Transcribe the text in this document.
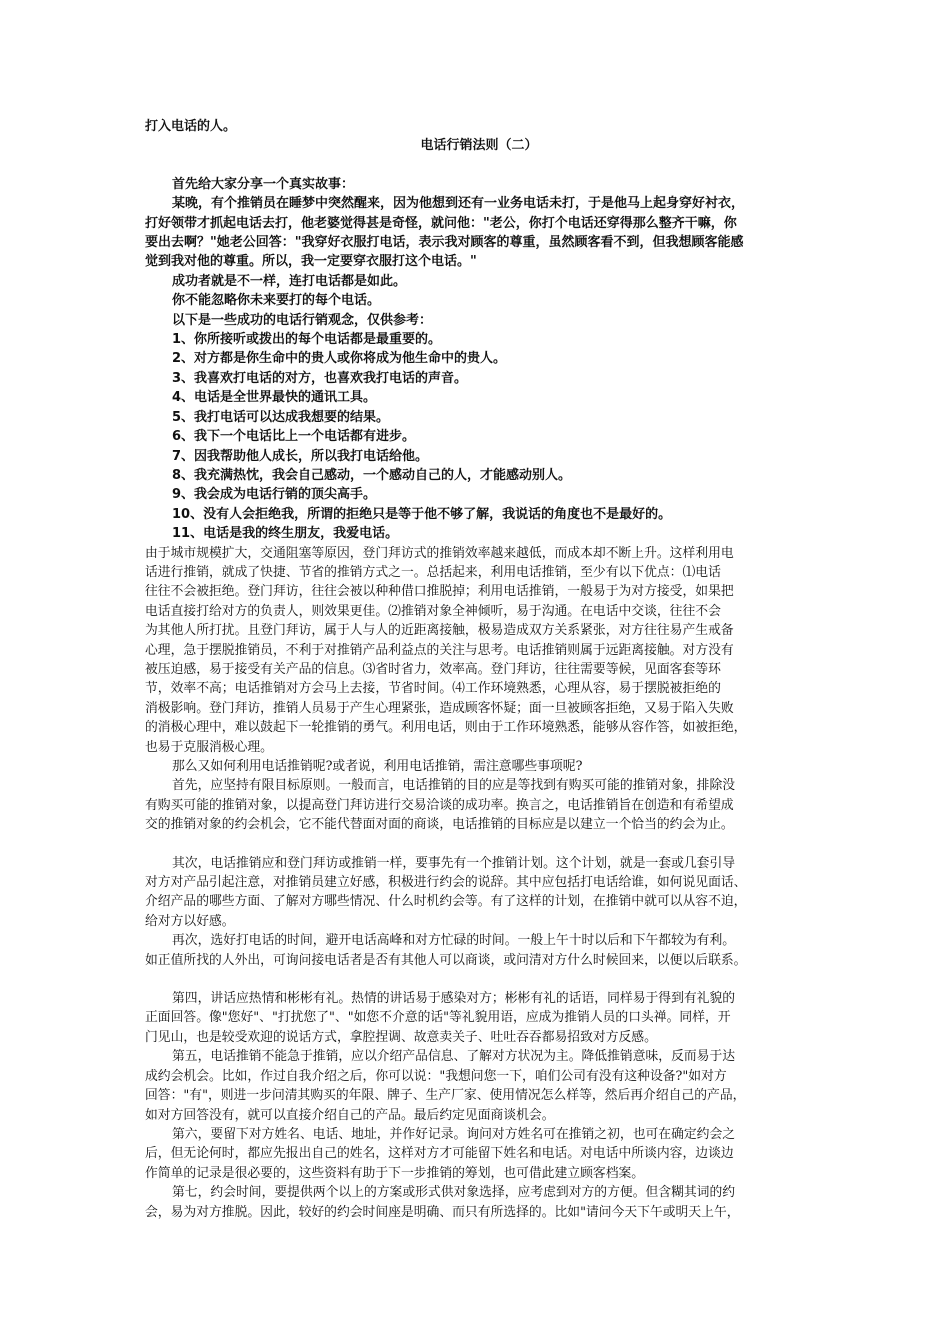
打入电话的人。

电话行销法则（二）

首先给大家分享一个真实故事：

某晚，有个推销员在睡梦中突然醒来，因为他想到还有一业务电话未打，于是他马上起身穿好衬衣，

打好领带才抓起电话去打，他老婆觉得甚是奇怪，就问他："老公，你打个电话还穿得那么整齐干嘛，你

要出去啊？"她老公回答："我穿好衣服打电话，表示我对顾客的尊重，虽然顾客看不到，但我想顾客能感

觉到我对他的尊重。所以，我一定要穿衣服打这个电话。"

成功者就是不一样，连打电话都是如此。

你不能忽略你未来要打的每个电话。

以下是一些成功的电话行销观念，仅供参考：

1、你所接听或拨出的每个电话都是最重要的。

2、对方都是你生命中的贵人或你将成为他生命中的贵人。

3、我喜欢打电话的对方，也喜欢我打电话的声音。

4、电话是全世界最快的通讯工具。

5、我打电话可以达成我想要的结果。

6、我下一个电话比上一个电话都有进步。

7、因我帮助他人成长，所以我打电话给他。

8、我充满热忱，我会自己感动，一个感动自己的人，才能感动别人。

9、我会成为电话行销的顶尖高手。

10、没有人会拒绝我，所谓的拒绝只是等于他不够了解，我说话的角度也不是最好的。

11、电话是我的终生朋友，我爱电话。

由于城市规模扩大，交通阻塞等原因，登门拜访式的推销效率越来越低，而成本却不断上升。这样利用电

话进行推销，就成了快捷、节省的推销方式之一。总括起来，利用电话推销，至少有以下优点：⑴电话

往往不会被拒绝。登门拜访，往往会被以种种借口推脱掉；利用电话推销，一般易于为对方接受，如果把

电话直接打给对方的负责人，则效果更佳。⑵推销对象全神倾听，易于沟通。在电话中交谈，往往不会

为其他人所打扰。且登门拜访，属于人与人的近距离接触，极易造成双方关系紧张，对方往往易产生戒备

心理，急于摆脱推销员，不利于对推销产品利益点的关注与思考。电话推销则属于远距离接触。对方没有

被压迫感，易于接受有关产品的信息。⑶省时省力，效率高。登门拜访，往往需要等候，见面客套等环

节，效率不高；电话推销对方会马上去接，节省时间。⑷工作环境熟悉，心理从容，易于摆脱被拒绝的

消极影响。登门拜访，推销人员易于产生心理紧张，造成顾客怀疑；面一旦被顾客拒绝，又易于陷入失败

的消极心理中，难以鼓起下一轮推销的勇气。利用电话，则由于工作环境熟悉，能够从容作答，如被拒绝，

也易于克服消极心理。

那么又如何利用电话推销呢?或者说，利用电话推销，需注意哪些事项呢?

首先，应坚持有限目标原则。一般而言，电话推销的目的应是等找到有购买可能的推销对象，排除没

有购买可能的推销对象，以提高登门拜访进行交易洽谈的成功率。换言之，电话推销旨在创造和有希望成

交的推销对象的约会机会，它不能代替面对面的商谈，电话推销的目标应是以建立一个恰当的约会为止。

其次，电话推销应和登门拜访或推销一样，要事先有一个推销计划。这个计划，就是一套或几套引导

对方对产品引起注意，对推销员建立好感，积极进行约会的说辞。其中应包括打电话给谁，如何说见面话、

介绍产品的哪些方面、了解对方哪些情况、什么时机约会等。有了这样的计划，在推销中就可以从容不迫，

给对方以好感。

再次，选好打电话的时间，避开电话高峰和对方忙碌的时间。一般上午十时以后和下午都较为有利。

如正值所找的人外出，可询问接电话者是否有其他人可以商谈，或问清对方什么时候回来，以便以后联系。

第四，讲话应热情和彬彬有礼。热情的讲话易于感染对方；彬彬有礼的话语，同样易于得到有礼貌的

正面回答。像"您好"、"打扰您了"、"如您不介意的话"等礼貌用语，应成为推销人员的口头禅。同样，开

门见山，也是较受欢迎的说话方式，拿腔捏调、故意卖关子、吐吐吞吞都易招致对方反感。

第五，电话推销不能急于推销，应以介绍产品信息、了解对方状况为主。降低推销意味，反而易于达

成约会机会。比如，作过自我介绍之后，你可以说："我想问您一下，咱们公司有没有这种设备?"如对方

回答："有"，则进一步问清其购买的年限、牌子、生产厂家、使用情况怎么样等，然后再介绍自己的产品，

如对方回答没有，就可以直接介绍自己的产品。最后约定见面商谈机会。

第六，要留下对方姓名、电话、地址，并作好记录。询问对方姓名可在推销之初，也可在确定约会之

后，但无论何时，都应先报出自己的姓名，这样对方才可能留下姓名和电话。对电话中所谈内容，边谈边

作简单的记录是很必要的，这些资料有助于下一步推销的筹划，也可借此建立顾客档案。

第七，约会时间，要提供两个以上的方案或形式供对象选择，应考虑到对方的方便。但含糊其词的约

会，易为对方推脱。因此，较好的约会时间座是明确、而只有所选择的。比如"请问今天下午或明天上午，
